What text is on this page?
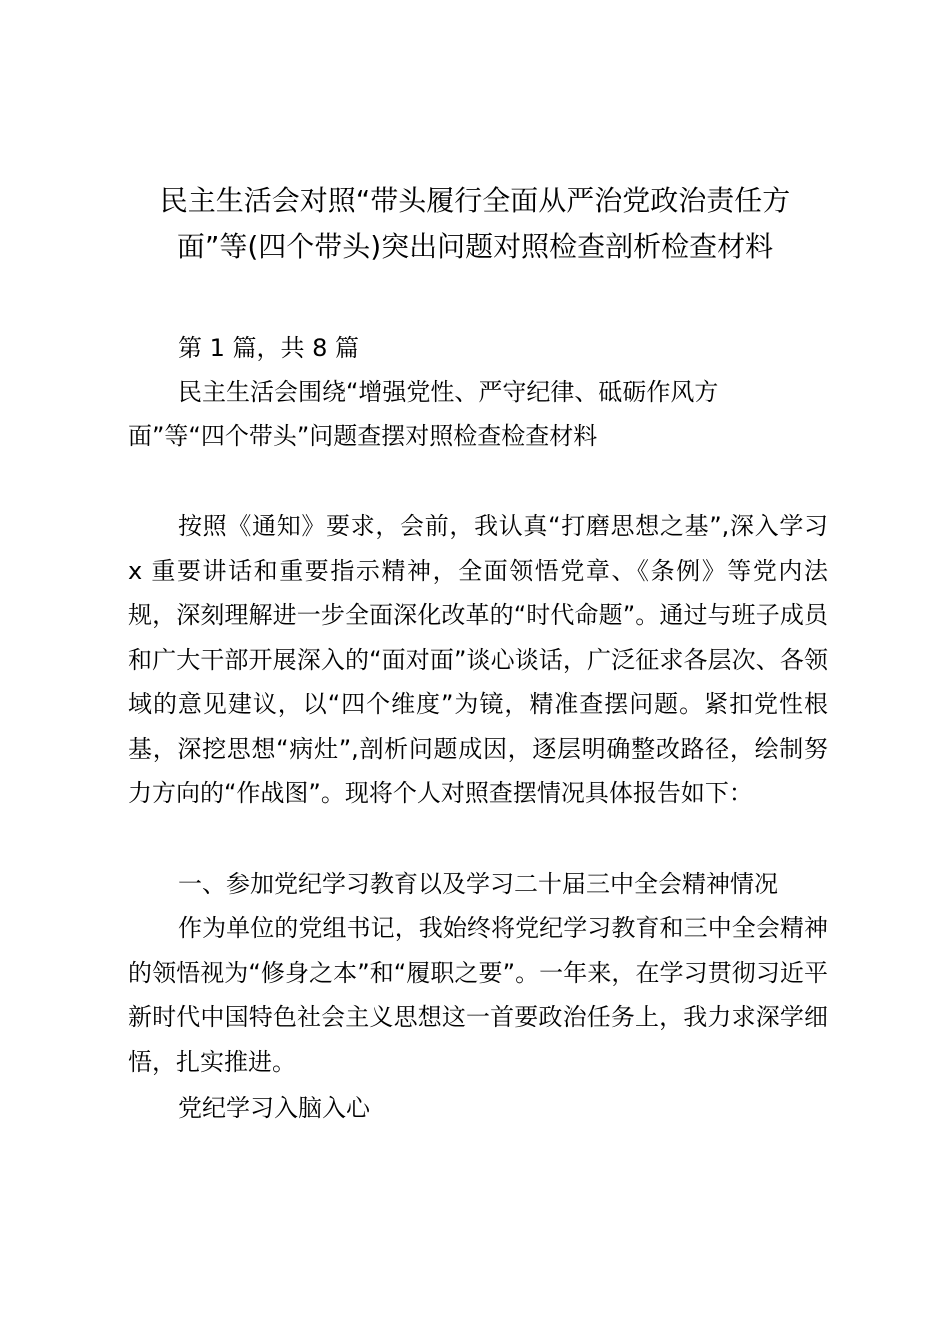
民主生活会对照“带头履行全面从严治党政治责任方面”等(四个带头)突出问题对照检查剖析检查材料

第 1 篇，共 8 篇

民主生活会围绕“增强党性、严守纪律、砥砺作风方

面”等“四个带头”问题查摆对照检查检查材料

按照《通知》要求，会前，我认真“打磨思想之基”,深入学习 x 重要讲话和重要指示精神，全面领悟党章、《条例》等党内法规，深刻理解进一步全面深化改革的“时代命题”。通过与班子成员和广大干部开展深入的“面对面”谈心谈话，广泛征求各层次、各领域的意见建议，以“四个维度”为镜，精准查摆问题。紧扣党性根基，深挖思想“病灶”,剖析问题成因，逐层明确整改路径，绘制努力方向的“作战图”。现将个人对照查摆情况具体报告如下：

一、参加党纪学习教育以及学习二十届三中全会精神情况

作为单位的党组书记，我始终将党纪学习教育和三中全会精神的领悟视为“修身之本”和“履职之要”。一年来，在学习贯彻习近平新时代中国特色社会主义思想这一首要政治任务上，我力求深学细悟，扎实推进。

党纪学习入脑入心
